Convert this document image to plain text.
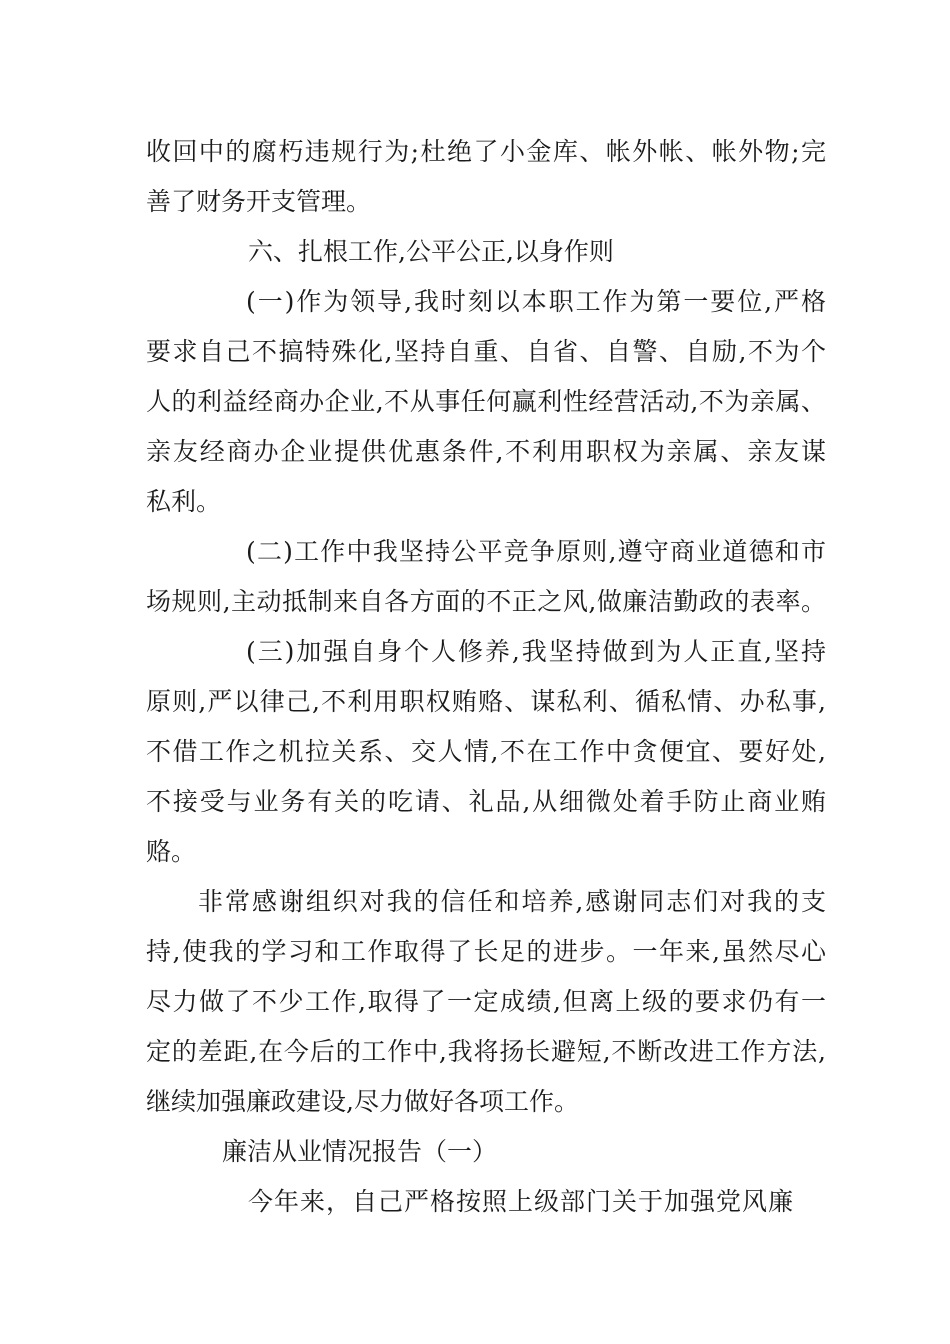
收回中的腐朽违规行为;杜绝了小金库、帐外帐、帐外物;完
善了财务开支管理。
六、扎根工作,公平公正,以身作则
(一)作为领导,我时刻以本职工作为第一要位,严格
要求自己不搞特殊化,坚持自重、自省、自警、自励,不为个
人的利益经商办企业,不从事任何赢利性经营活动,不为亲属、
亲友经商办企业提供优惠条件,不利用职权为亲属、亲友谋
私利。
(二)工作中我坚持公平竞争原则,遵守商业道德和市
场规则,主动抵制来自各方面的不正之风,做廉洁勤政的表率。
(三)加强自身个人修养,我坚持做到为人正直,坚持
原则,严以律己,不利用职权贿赂、谋私利、循私情、办私事,
不借工作之机拉关系、交人情,不在工作中贪便宜、要好处,
不接受与业务有关的吃请、礼品,从细微处着手防止商业贿
赂。
非常感谢组织对我的信任和培养,感谢同志们对我的支
持,使我的学习和工作取得了长足的进步。一年来,虽然尽心
尽力做了不少工作,取得了一定成绩,但离上级的要求仍有一
定的差距,在今后的工作中,我将扬长避短,不断改进工作方法,
继续加强廉政建设,尽力做好各项工作。
廉洁从业情况报告（一）
今年来，自己严格按照上级部门关于加强党风廉
